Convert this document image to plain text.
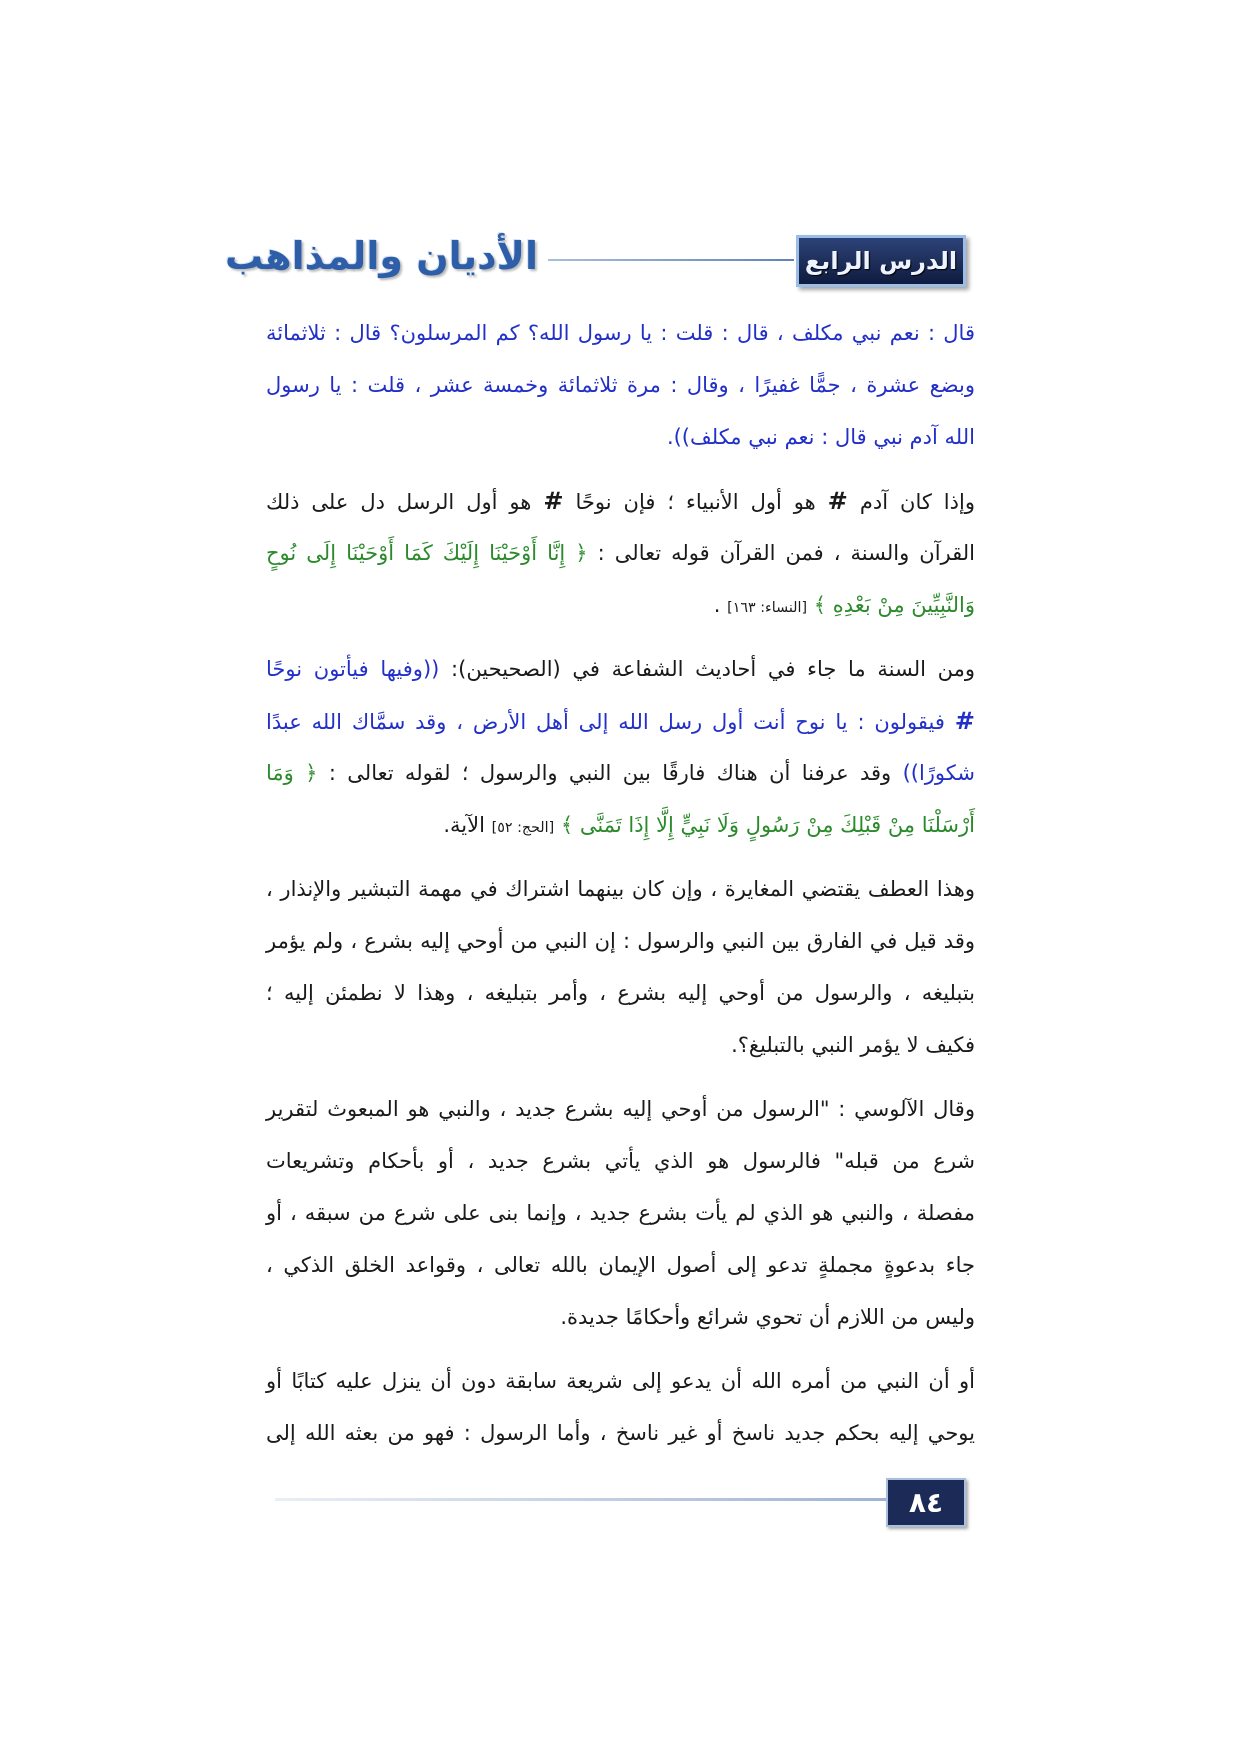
الدرس الرابع
الأديان والمذاهب
قال : نعم نبي مكلف ، قال : قلت : يا رسول الله؟ كم المرسلون؟ قال : ثلاثمائة
وبضع عشرة ، جمًّا غفيرًا ، وقال : مرة ثلاثمائة وخمسة عشر ، قلت : يا رسول
الله آدم نبي قال : نعم نبي مكلف)).
وإذا كان آدم # هو أول الأنبياء ؛ فإن نوحًا # هو أول الرسل دل على ذلك
القرآن والسنة ، فمن القرآن قوله تعالى : ﴿ إِنَّا أَوْحَيْنَا إِلَيْكَ كَمَا أَوْحَيْنَا إِلَى نُوحٍ
وَالنَّبِيِّينَ مِنْ بَعْدِهِ ﴾ [النساء: ١٦٣] .
ومن السنة ما جاء في أحاديث الشفاعة في (الصحيحين): ((وفيها فيأتون نوحًا
# فيقولون : يا نوح أنت أول رسل الله إلى أهل الأرض ، وقد سمَّاك الله عبدًا
شكورًا)) وقد عرفنا أن هناك فارقًا بين النبي والرسول ؛ لقوله تعالى : ﴿ وَمَا
أَرْسَلْنَا مِنْ قَبْلِكَ مِنْ رَسُولٍ وَلَا نَبِيٍّ إِلَّا إِذَا تَمَنَّى ﴾ [الحج: ٥٢] الآية.
وهذا العطف يقتضي المغايرة ، وإن كان بينهما اشتراك في مهمة التبشير والإنذار ،
وقد قيل في الفارق بين النبي والرسول : إن النبي من أوحي إليه بشرع ، ولم يؤمر
بتبليغه ، والرسول من أوحي إليه بشرع ، وأمر بتبليغه ، وهذا لا نطمئن إليه ؛
فكيف لا يؤمر النبي بالتبليغ؟.
وقال الآلوسي : "الرسول من أوحي إليه بشرع جديد ، والنبي هو المبعوث لتقرير
شرع من قبله" فالرسول هو الذي يأتي بشرع جديد ، أو بأحكام وتشريعات
مفصلة ، والنبي هو الذي لم يأت بشرع جديد ، وإنما بنى على شرع من سبقه ، أو
جاء بدعوةٍ مجملةٍ تدعو إلى أصول الإيمان بالله تعالى ، وقواعد الخلق الذكي ،
وليس من اللازم أن تحوي شرائع وأحكامًا جديدة.
أو أن النبي من أمره الله أن يدعو إلى شريعة سابقة دون أن ينزل عليه كتابًا أو
يوحي إليه بحكم جديد ناسخ أو غير ناسخ ، وأما الرسول : فهو من بعثه الله إلى
٨٤
